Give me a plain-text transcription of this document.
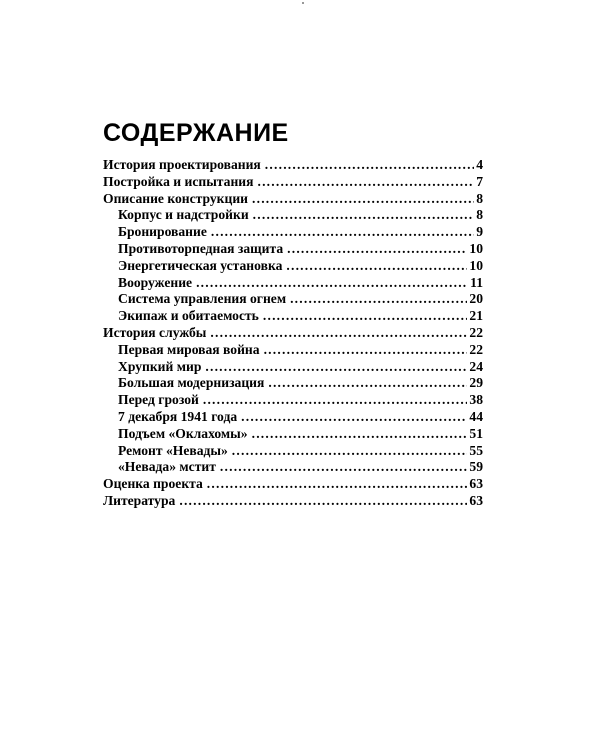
СОДЕРЖАНИЕ
История проектирования .....	4
Постройка и испытания .....	7
Описание конструкции .....	8
Корпус и надстройки .....	8
Бронирование .....	9
Противоторпедная защита .....	10
Энергетическая установка .....	10
Вооружение .....	11
Система управления огнем .....	20
Экипаж и обитаемость .....	21
История службы .....	22
Первая мировая война .....	22
Хрупкий мир .....	24
Большая модернизация .....	29
Перед грозой .....	38
7 декабря 1941 года .....	44
Подъем «Оклахомы» .....	51
Ремонт «Невады» .....	55
«Невада» мстит .....	59
Оценка проекта .....	63
Литература .....	63
